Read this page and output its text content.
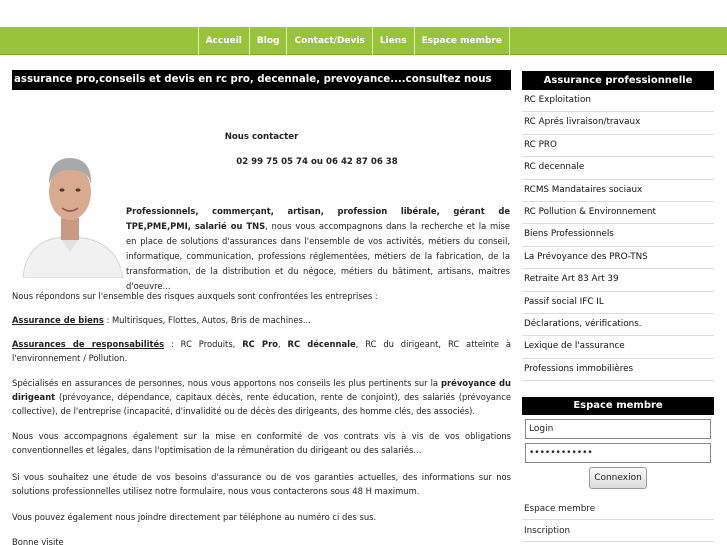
Accueil	Blog	Contact/Devis	Liens	Espace membre
assurance pro,conseils et devis en rc pro, decennale, prevoyance....consultez nous
Nous contacter
02 99 75 05 74 ou 06 42 87 06 38
Professionnels, commerçant, artisan, profession libérale, gérant de TPE,PME,PMI, salarié ou TNS, nous vous accompagnons dans la recherche et la mise en place de solutions d'assurances dans l'ensemble de vos activités, métiers du conseil, informatique, communication, professions réglementées, métiers de la fabrication, de la transformation, de la distribution et du négoce, métiers du bâtiment, artisans, maitres d'oeuvre...
Nous répondons sur l'ensemble des risques auxquels sont confrontées les entreprises :
Assurance de biens : Multirisques, Flottes, Autos, Bris de machines...
Assurances de responsabilités : RC Produits, RC Pro, RC décennale, RC du dirigeant, RC atteinte à l'environnement / Pollution.
Spécialisés en assurances de personnes, nous vous apportons nos conseils les plus pertinents sur la prévoyance du dirigeant (prévoyance, dépendance, capitaux décès, rente éducation, rente de conjoint), des salariés (prévoyance collective), de l'entreprise (incapacité, d'invalidité ou de décès des dirigeants, des homme clés, des associés).
Nous vous accompagnons également sur la mise en conformité de vos contrats vis à vis de vos obligations conventionnelles et légales, dans l'optimisation de la rémunération du dirigeant ou des salariés...
Si vous souhaitez une étude de vos besoins d'assurance ou de vos garanties actuelles, des informations sur nos solutions professionnelles utilisez notre formulaire, nous vous contacterons sous 48 H maximum.
Vous pouvez également nous joindre directement par téléphone au numéro ci des sus.
Bonne visite
Assurance professionnelle
RC Exploitation
RC Aprés livraison/travaux
RC PRO
RC decennale
RCMS Mandataires sociaux
RC Pollution & Environnement
Biens Professionnels
La Prévoyance des PRO-TNS
Retraite Art 83 Art 39
Passif social IFC IL
Déclarations, vérifications.
Lexique de l'assurance
Professions immobilières
Espace membre
Login
••••••••••••
Connexion
Espace membre
Inscription
